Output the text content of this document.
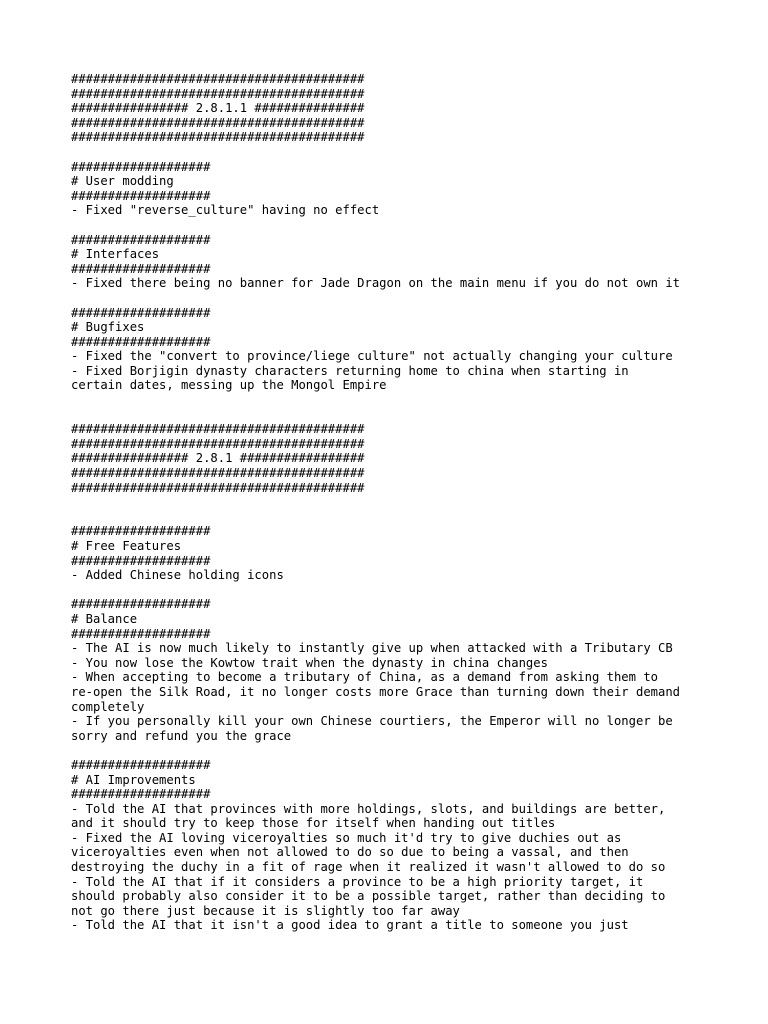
########################################
########################################
################ 2.8.1.1 ###############
########################################
########################################

###################
# User modding
###################
- Fixed "reverse_culture" having no effect

###################
# Interfaces
###################
- Fixed there being no banner for Jade Dragon on the main menu if you do not own it

###################
# Bugfixes
###################
- Fixed the "convert to province/liege culture" not actually changing your culture
- Fixed Borjigin dynasty characters returning home to china when starting in
certain dates, messing up the Mongol Empire

########################################
########################################
################ 2.8.1 #################
########################################
########################################

###################
# Free Features
###################
- Added Chinese holding icons

###################
# Balance
###################
- The AI is now much likely to instantly give up when attacked with a Tributary CB
- You now lose the Kowtow trait when the dynasty in china changes
- When accepting to become a tributary of China, as a demand from asking them to
re-open the Silk Road, it no longer costs more Grace than turning down their demand
completely
- If you personally kill your own Chinese courtiers, the Emperor will no longer be
sorry and refund you the grace

###################
# AI Improvements
###################
- Told the AI that provinces with more holdings, slots, and buildings are better,
and it should try to keep those for itself when handing out titles
- Fixed the AI loving viceroyalties so much it'd try to give duchies out as
viceroyalties even when not allowed to do so due to being a vassal, and then
destroying the duchy in a fit of rage when it realized it wasn't allowed to do so
- Told the AI that if it considers a province to be a high priority target, it
should probably also consider it to be a possible target, rather than deciding to
not go there just because it is slightly too far away
- Told the AI that it isn't a good idea to grant a title to someone you just
